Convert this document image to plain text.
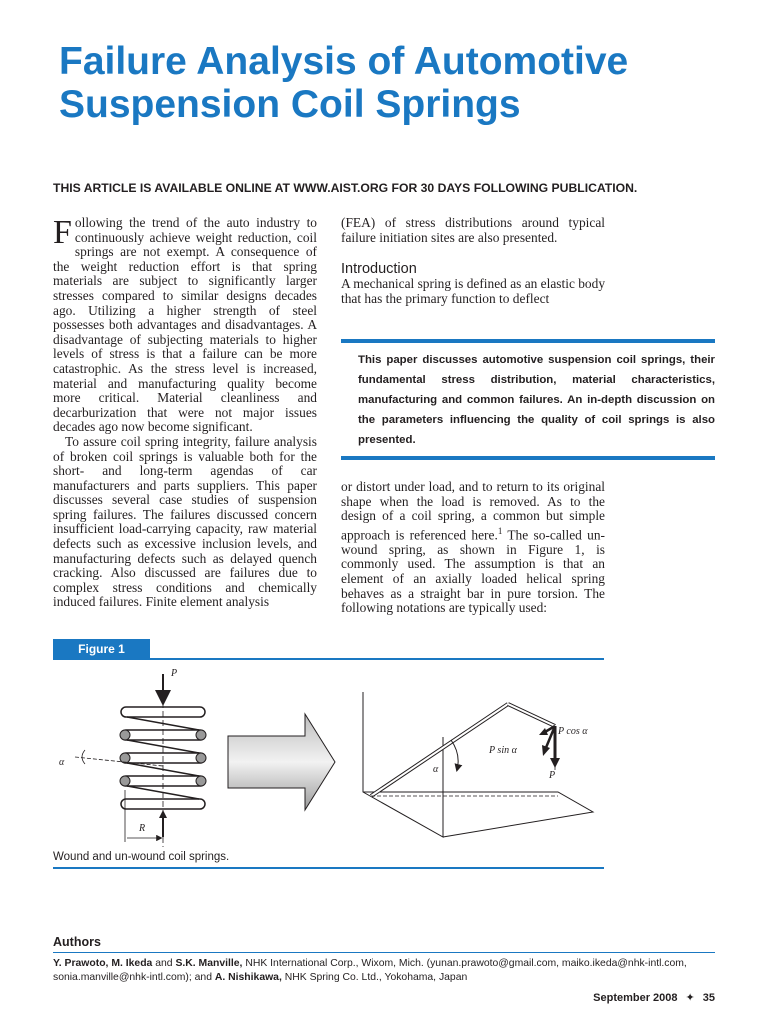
Failure Analysis of Automotive Suspension Coil Springs
THIS ARTICLE IS AVAILABLE ONLINE AT WWW.AIST.ORG FOR 30 DAYS FOLLOWING PUBLICATION.

Following the trend of the auto industry to continuously achieve weight reduction, coil springs are not exempt. A consequence of the weight reduction effort is that spring materials are subject to significantly larger stresses compared to similar designs decades ago. Utilizing a higher strength of steel possesses both advantages and disadvantages. A disadvantage of subjecting materials to higher levels of stress is that a failure can be more catastrophic. As the stress level is increased, material and manufacturing quality become more critical. Material cleanliness and decarburization that were not major issues decades ago now become significant.

To assure coil spring integrity, failure analysis of broken coil springs is valuable both for the short- and long-term agendas of car manufacturers and parts suppliers. This paper discusses several case studies of suspension spring failures. The failures discussed concern insufficient load-carrying capacity, raw material defects such as excessive inclusion levels, and manufacturing defects such as delayed quench cracking. Also discussed are failures due to complex stress conditions and chemically induced failures. Finite element analysis

(FEA) of stress distributions around typical failure initiation sites are also presented.

Introduction

A mechanical spring is defined as an elastic body that has the primary function to deflect

This paper discusses automotive suspension coil springs, their fundamental stress distribution, material characteristics, manufacturing and common failures. An in-depth discussion on the parameters influencing the quality of coil springs is also presented.

or distort under load, and to return to its original shape when the load is removed. As to the design of a coil spring, a common but simple approach is referenced here.$^1$ The so-called un-wound spring, as shown in Figure 1, is commonly used. The assumption is that an element of an axially loaded helical spring behaves as a straight bar in pure torsion. The following notations are typically used:

Figure 1
P
R
α
P cos α
P sin α
α
P
Wound and un-wound coil springs.
Authors

Y. Prawoto, M. Ikeda and S.K. Manville, NHK International Corp., Wixom, Mich. (yunan.prawoto@gmail.com, maiko.ikeda@nhk-intl.com, sonia.manville@nhk-intl.com); and A. Nishikawa, NHK Spring Co. Ltd., Yokohama, Japan

September 2008 ✦ 35
